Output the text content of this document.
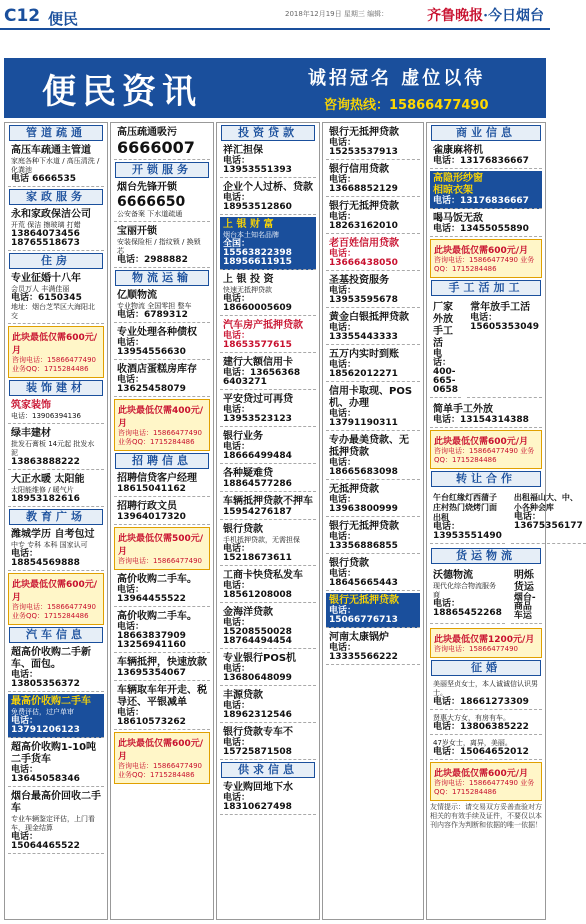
C12 便民	2018年12月19日 星期三 编辑：	齐鲁晚报·今日烟台
便民资讯	诚招冠名 虚位以待
咨询热线：15866477490
管道疏通
高压车疏通主管道
家庭各种下水道 / 高压清洗 / 化粪池
电话 6666535
家政服务
永和家政保洁公司
开荒 保洁 擦玻璃 打蜡
13864073456 18765518673
住房
专业征婚十八年
会员万人 丰满佳丽
电话：6150345
地址：烟台芝罘区大海阳北交
此块最低仅需600元/月
咨询电话：15866477490 业务QQ：1715284486
装饰建材
筑家装饰
电话：13906394136
绿丰建材
批发石膏板 14元起 批发水泥
13863888222
大正水暖 太阳能
太阳能维修 / 暖气片
18953182616
教育广场
潍城学历 自考包过
中专 专科 本科 国家认可
电话：18854569888
此块最低仅需600元/月
咨询电话：15866477490 业务QQ：1715284486
汽车信息
超高价收购二手新车、面包。
电话：13805356372
最高价收购二手车
免费评估，过户单审
电话：13791206123
超高价收购1-10吨二手货车
电话：13645058346
烟台最高价回收二手车
专业车辆鉴定评估，上门看车，现金结算
电话：15064465522
高压疏通吸污
6666007
开锁服务
烟台先锋开锁
6666650
公安备案 下水道疏通
宝丽开锁
安装保险柜 / 指纹锁 / 换锁芯
电话：2988882
物流运输
亿顺物流
专业物流 全国零担 整车
电话：6789312
专业处理各种债权
电话：13954556630
收酒店蛋糕房库存
电话：13625458079
此块最低仅需400元/月
咨询电话：15866477490 业务QQ：1715284486
招聘信息
招聘信贷客户经理
18615041162
招聘行政文员
13964017320
此块最低仅需500元/月
咨询电话：15866477490
高价收购二手车。
电话：13964455522
高价收购二手车。
电话：18663837909
13256941160
车辆抵押，快速放款
13695354067
车辆取车年开走、税导还、平银减单
电话：18610573262
此块最低仅需600元/月
咨询电话：15866477490 业务QQ：1715284486
投资贷款
祥汇担保
电话：13953551393
企业个人过桥、贷款
电话：18953512860
上 银 财 富
烟台本土知名品牌
全国：15563822398 18956611915
上 银 投 资
快速无抵押贷款
电话：18660005609
汽车房产抵押贷款
电话：18653577615
建行大额信用卡
电话：13656368 6403271
平安贷过可再贷
电话：13953523123
银行业务
电话：18666499484
各种疑难贷
18864577286
车辆抵押贷款不押车
15954276187
银行贷款
手机抵押贷款，无需担保
电话：15218673611
工商卡快贷私发车
电话：18561208008
金海洋贷款
电话：15208550028 18764494454
专业银行POS机
电话：13680648099
丰源贷款
电话：18962312546
银行贷款专车不
电话：15725871508
供求信息
专业购回地下水
电话：18310627498
银行无抵押贷款
电话：15253537913
银行信用贷款
电话：13668852129
银行无抵押贷款
电话：18263162010
老百姓信用贷款
电话：13666438050
圣基投资服务
电话：13953595678
黄金白银抵押贷款
电话：13355443333
五万内实时到账
电话：18562012271
信用卡取现、POS机、办理
电话：13791190311
专办最美贷款、无抵押贷款
电话：18665683098
无抵押贷款
电话：13963800999
银行无抵押贷款
电话：13356886855
银行贷款
电话：18645665443
银行无抵押贷款
电话：15066776713
河南太康锅炉
电话：13335566222
商业信息
雀康麻将机
电话：13176836667
高隐形纱窗
相晾衣架
电话：13176836667
喝马饭无敌
电话：13455055890
此块最低仅需600元/月
咨询电话：15866477490 业务QQ：1715284486
手工活加工
厂家外放手工活
电话：400-665-0658
常年放手工活
电话：15605353049
简单手工外放
电话：13154314388
此块最低仅需600元/月
咨询电话：15866477490 业务QQ：1715284486
转让合作
午台红缘灯西蒲子庄村热门烧烤门面出租
电话：13953551490
出租福山大、中、小各种会库
电话：13675356177
货运物流
沃德物流
现代化综合物流服务商
电话：18865452268
明烁货运
烟台-商品车运
此块最低仅需1200元/月
咨询电话：15866477490
征婚
美丽坚贞女士，本人诚诚信认识男士。
电话：18661273309
贤惠大方女，有房有车。
电话：13806385222
47岁女士，离异，美丽。
电话：15064652012
此块最低仅需600元/月
咨询电话：15866477490 业务QQ：1715284486
友情提示：请交易双方妥善查验对方相关的有效手续及证件，不要仅以本刊内容作为判断和依据的唯一依据！
